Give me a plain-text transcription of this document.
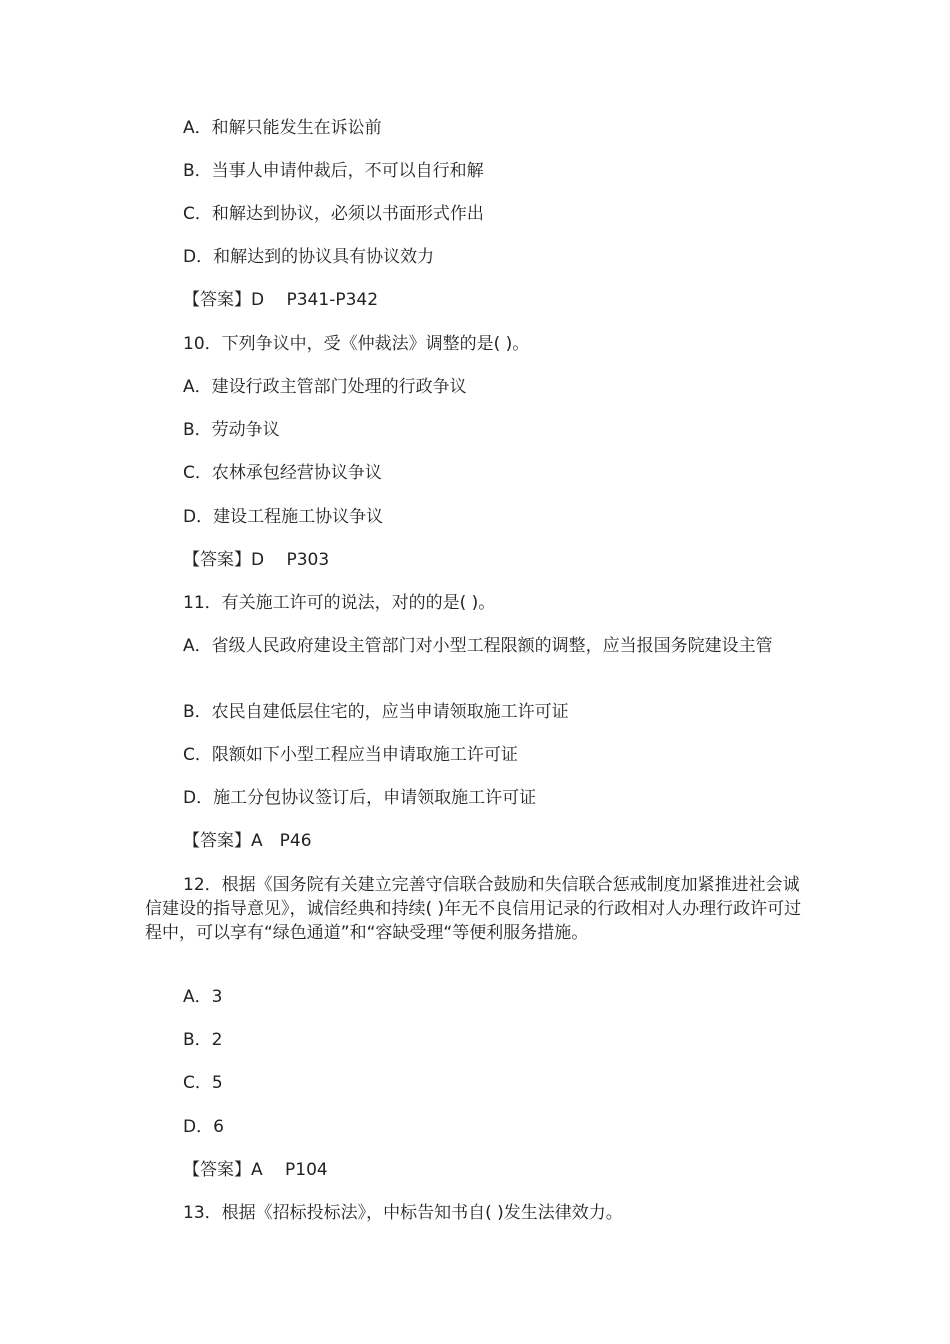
A．和解只能发生在诉讼前
B．当事人申请仲裁后，不可以自行和解
C．和解达到协议，必须以书面形式作出
D．和解达到的协议具有协议效力
【答案】D　 P341-P342
10．下列争议中，受《仲裁法》调整的是( )。
A．建设行政主管部门处理的行政争议
B．劳动争议
C．农林承包经营协议争议
D．建设工程施工协议争议
【答案】D　 P303
11．有关施工许可的说法，对的的是( )。
A．省级人民政府建设主管部门对小型工程限额的调整，应当报国务院建设主管
B．农民自建低层住宅的，应当申请领取施工许可证
C．限额如下小型工程应当申请取施工许可证
D．施工分包协议签订后，申请领取施工许可证
【答案】A　P46
12．根据《国务院有关建立完善守信联合鼓励和失信联合惩戒制度加紧推进社会诚信建设的指导意见》，诚信经典和持续( )年无不良信用记录的行政相对人办理行政许可过程中，可以享有“绿色通道”和“容缺受理“等便利服务措施。
A．3
B．2
C．5
D．6
【答案】A　 P104
13．根据《招标投标法》，中标告知书自( )发生法律效力。
